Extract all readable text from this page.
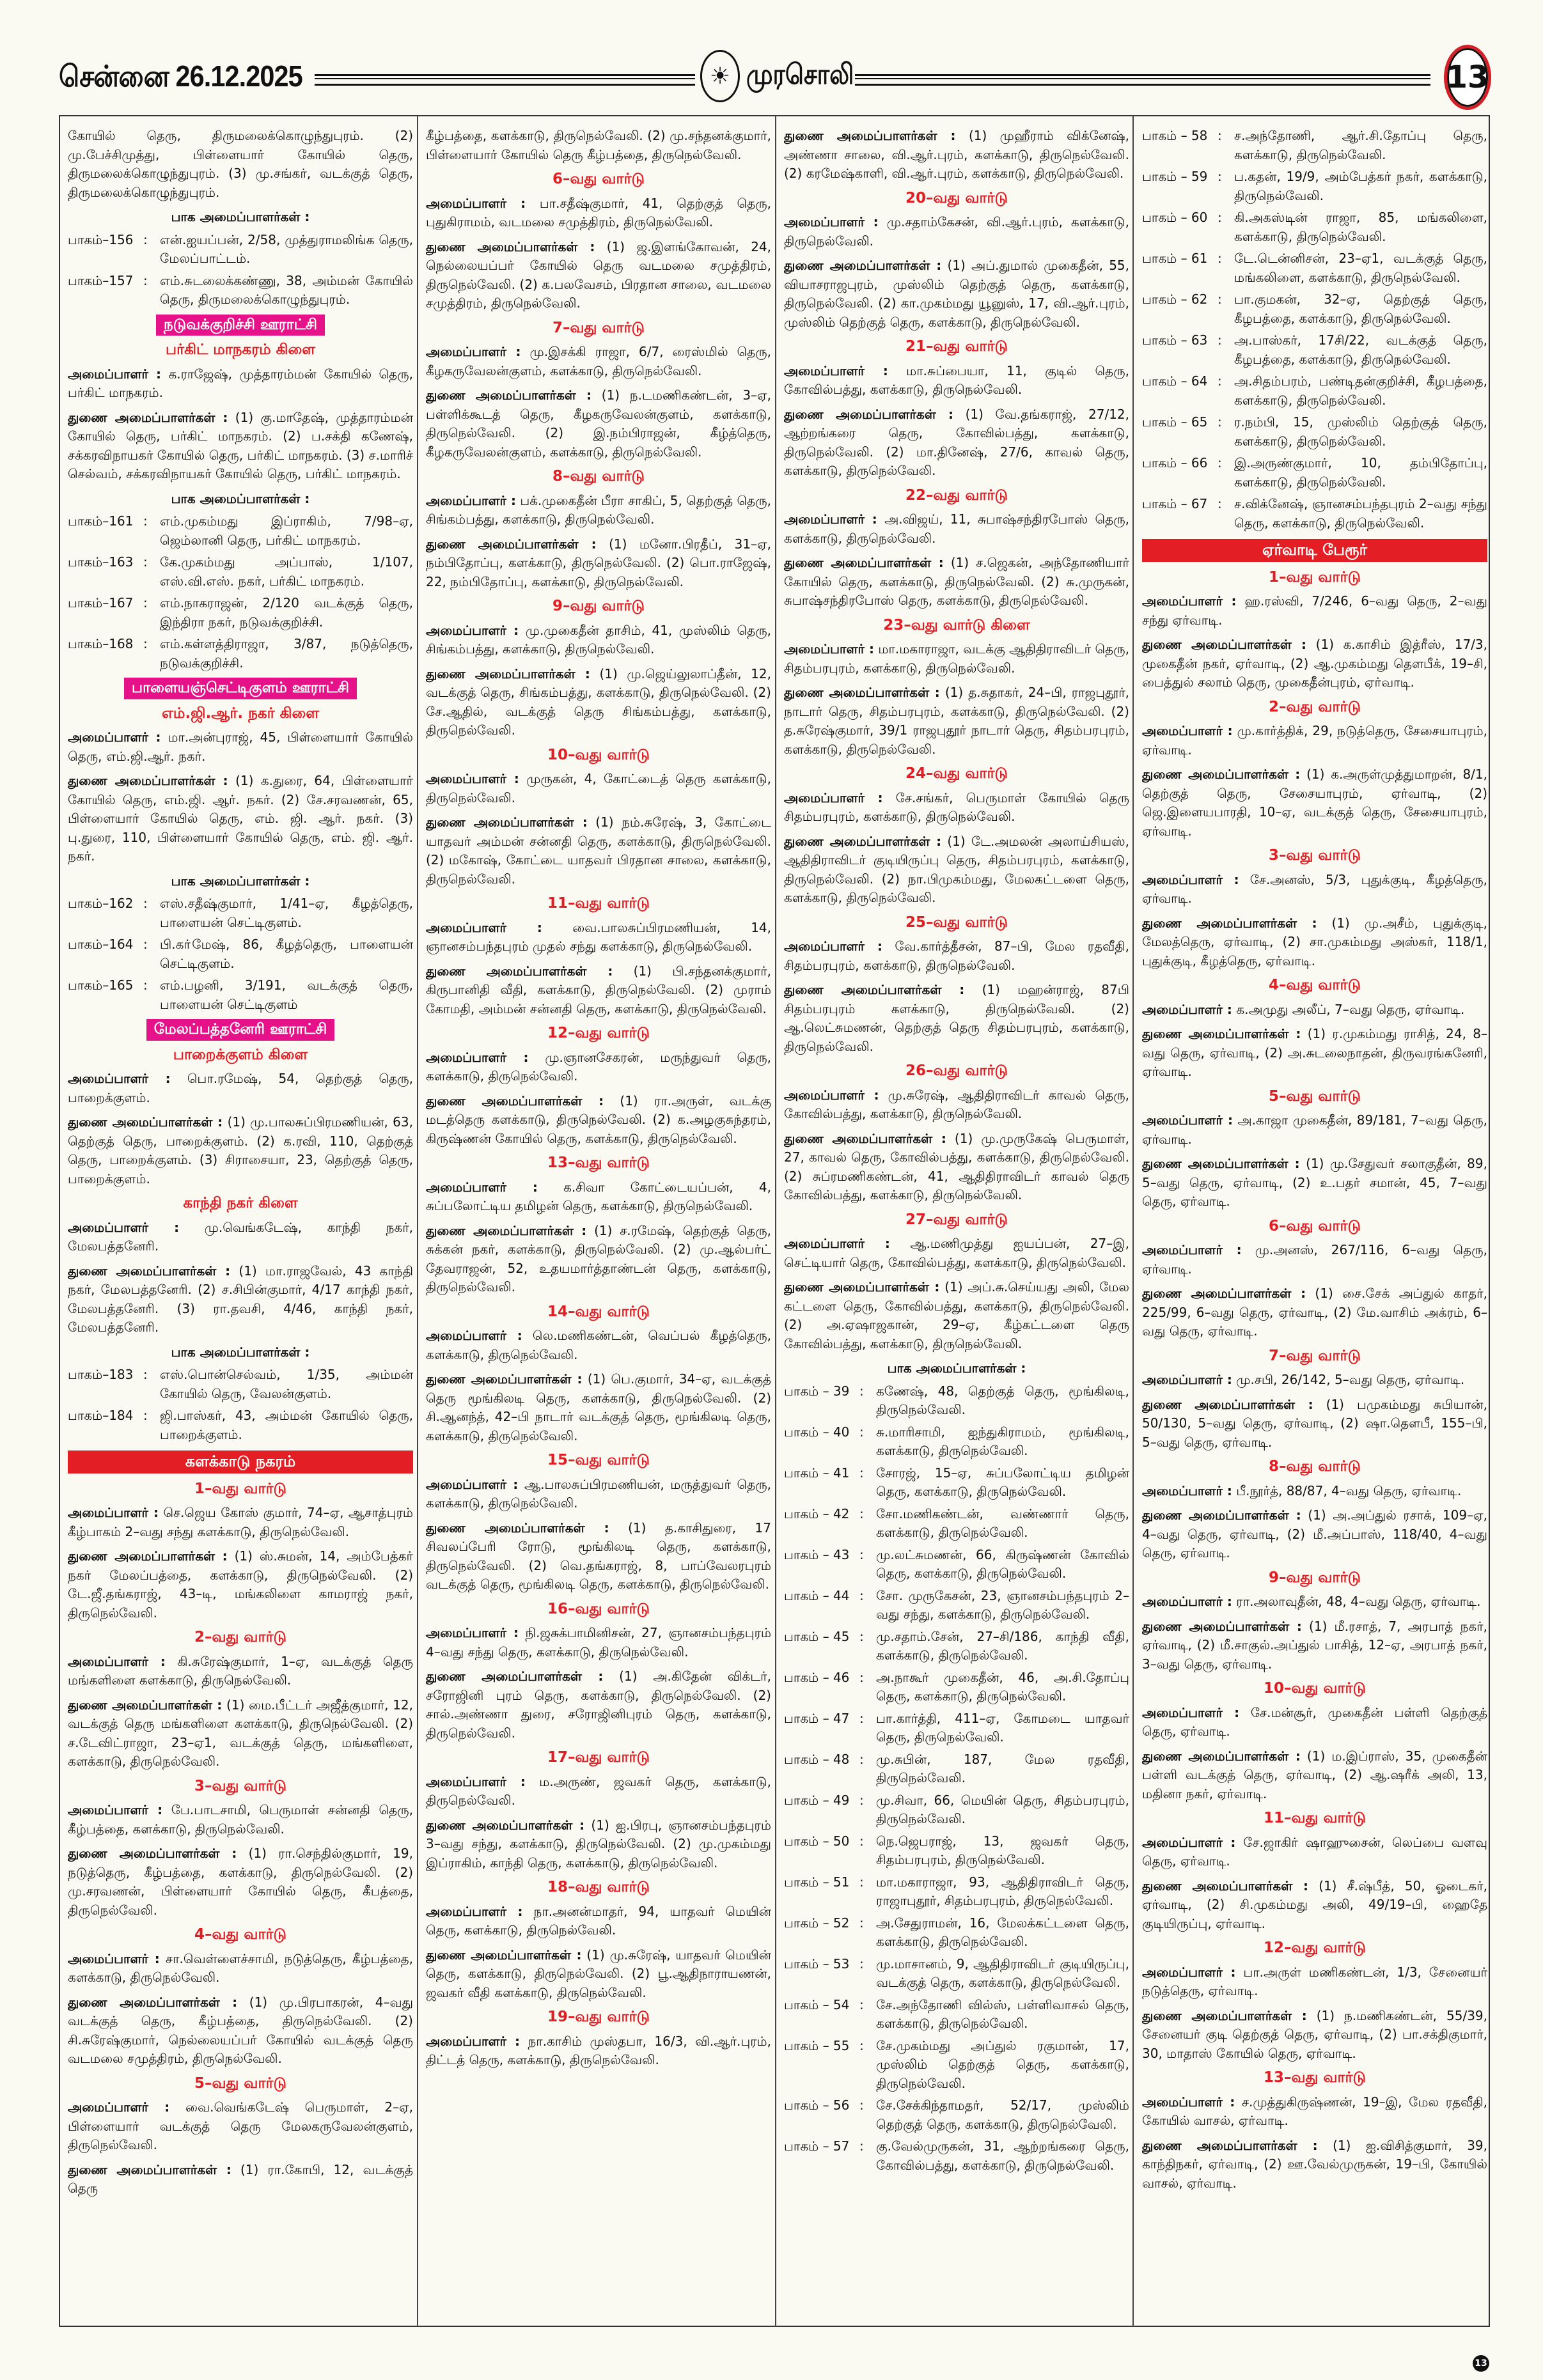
சென்னை 26.12.2025	☀ முரசொலி	13
கோயில் தெரு, திருமலைக்கொழுந்துபுரம். (2) மு.பேச்சிமுத்து, பிள்ளையார் கோயில் தெரு, திருமலைக்கொழுந்துபுரம். (3) மு.சங்கர், வடக்குத் தெரு, திருமலைக்கொழுந்துபுரம்.
பாக அமைப்பாளர்கள் :
பாகம்–156 : என்.ஐயப்பன், 2/58, முத்துராமலிங்க தெரு, மேலப்பாட்டம்.
பாகம்–157 : எம்.சுடலைக்கண்ணு, 38, அம்மன் கோயில் தெரு, திருமலைக்கொழுந்துபுரம்.
நடுவக்குறிச்சி ஊராட்சி
பர்கிட் மாநகரம் கிளை
அமைப்பாளர் : க.ராஜேஷ், முத்தாரம்மன் கோயில் தெரு, பர்கிட் மாநகரம்.
துணை அமைப்பாளர்கள் : (1) கு.மாதேஷ், முத்தாரம்மன் கோயில் தெரு, பர்கிட் மாநகரம். (2) ப.சக்தி கணேஷ், சக்கரவிநாயகர் கோயில் தெரு, பர்கிட் மாநகரம். (3) ச.மாரிச் செல்வம், சக்கரவிநாயகர் கோயில் தெரு, பர்கிட் மாநகரம்.
பாக அமைப்பாளர்கள் :
பாகம்–161 : எம்.முகம்மது இப்ராகிம், 7/98–ஏ, ஜெம்லானி தெரு, பர்கிட் மாநகரம்.
பாகம்–163 : கே.முகம்மது அப்பாஸ், 1/107, எஸ்.வி.எஸ். நகர், பர்கிட் மாநகரம்.
பாகம்–167 : எம்.நாகராஜன், 2/120 வடக்குத் தெரு, இந்திரா நகர், நடுவக்குறிச்சி.
பாகம்–168 : எம்.கள்ளத்திராஜா, 3/87, நடுத்தெரு, நடுவக்குறிச்சி.
பாளையஞ்செட்டிகுளம் ஊராட்சி
எம்.ஜி.ஆர். நகர் கிளை
அமைப்பாளர் : மா.அன்புராஜ், 45, பிள்ளையார் கோயில் தெரு, எம்.ஜி.ஆர். நகர்.
துணை அமைப்பாளர்கள் : (1) க.துரை, 64, பிள்ளையார் கோயில் தெரு, எம்.ஜி. ஆர். நகர். (2) சே.சரவணன், 65, பிள்ளையார் கோயில் தெரு, எம். ஜி. ஆர். நகர். (3) பு.துரை, 110, பிள்ளையார் கோயில் தெரு, எம். ஜி. ஆர். நகர்.
பாக அமைப்பாளர்கள் :
பாகம்–162 : எஸ்.சதீஷ்குமார், 1/41–ஏ, கீழத்தெரு, பாளையன் செட்டிகுளம்.
பாகம்–164 : பி.கா்மேஷ், 86, கீழத்தெரு, பாளையன் செட்டிகுளம்.
பாகம்–165 : எம்.பழனி, 3/191, வடக்குத் தெரு, பாளையன் செட்டிகுளம்
மேலப்பத்தனேரி ஊராட்சி
பாறைக்குளம் கிளை
அமைப்பாளர் : பொ.ரமேஷ், 54, தெற்குத் தெரு, பாறைக்குளம்.
துணை அமைப்பாளர்கள் : (1) மு.பாலசுப்பிரமணியன், 63, தெற்குத் தெரு, பாறைக்குளம். (2) க.ரவி, 110, தெற்குத் தெரு, பாறைக்குளம். (3) சிராசையா, 23, தெற்குத் தெரு, பாறைக்குளம்.
காந்தி நகர் கிளை
அமைப்பாளர் : மு.வெங்கடேஷ், காந்தி நகர், மேலபத்தனேரி.
துணை அமைப்பாளர்கள் : (1) மா.ராஜவேல், 43 காந்தி நகர், மேலபத்தனேரி. (2) ச.சிபின்குமார், 4/17 காந்தி நகர், மேலபத்தனேரி. (3) ரா.தவசி, 4/46, காந்தி நகர், மேலபத்தனேரி.
பாக அமைப்பாளர்கள் :
பாகம்–183 : எஸ்.பொன்செல்வம், 1/35, அம்மன் கோயில் தெரு, வேலன்குளம்.
பாகம்–184 : ஜி.பாஸ்கர், 43, அம்மன் கோயில் தெரு, பாறைக்குளம்.
களக்காடு நகரம்
1–வது வார்டு
அமைப்பாளர் : செ.ஜெய கோஸ் குமார், 74–ஏ, ஆசாத்புரம் கீழ்பாகம் 2–வது சந்து களக்காடு, திருநெல்வேலி.
துணை அமைப்பாளர்கள் : (1) ஸ்.சுமன், 14, அம்பேத்கர் நகர் மேலப்பத்தை, களக்காடு, திருநெல்வேலி. (2) டே.ஜீ.தங்கராஜ், 43–டி, மங்கலிளை காமராஜ் நகர், திருநெல்வேலி.
2–வது வார்டு
அமைப்பாளர் : கி.சுரேஷ்குமார், 1–ஏ, வடக்குத் தெரு மங்களிளை களக்காடு, திருநெல்வேலி.
துணை அமைப்பாளர்கள் : (1) மை.பீட்டர் அஜீத்குமார், 12, வடக்குத் தெரு மங்களிளை களக்காடு, திருநெல்வேலி. (2) ச.டேவிட்ராஜா, 23–ஏ1, வடக்குத் தெரு, மங்களிளை, களக்காடு, திருநெல்வேலி.
3–வது வார்டு
அமைப்பாளர் : பே.பாடசாமி, பெருமாள் சன்னதி தெரு, கீழ்பத்தை, களக்காடு, திருநெல்வேலி.
துணை அமைப்பாளர்கள் : (1) ரா.செந்தில்குமார், 19, நடுத்தெரு, கீழ்பத்தை, களக்காடு, திருநெல்வேலி. (2) மு.சரவணன், பிள்ளையார் கோயில் தெரு, கீபத்தை, திருநெல்வேலி.
4–வது வார்டு
அமைப்பாளர் : சா.வெள்ளைச்சாமி, நடுத்தெரு, கீழ்பத்தை, களக்காடு, திருநெல்வேலி.
துணை அமைப்பாளர்கள் : (1) மு.பிரபாகரன், 4–வது வடக்குத் தெரு, கீழ்பத்தை, திருநெல்வேலி. (2) சி.சுரேஷ்குமார், நெல்லையப்பர் கோயில் வடக்குத் தெரு வடமலை சமுத்திரம், திருநெல்வேலி.
5–வது வார்டு
அமைப்பாளர் : வை.வெங்கடேஷ் பெருமாள், 2–ஏ, பிள்ளையார் வடக்குத் தெரு மேலகருவேலன்குளம், திருநெல்வேலி.
துணை அமைப்பாளர்கள் : (1) ரா.கோபி, 12, வடக்குத் தெரு
கீழ்பத்தை, களக்காடு, திருநெல்வேலி. (2) மு.சந்தனக்குமார், பிள்ளையார் கோயில் தெரு கீழ்பத்தை, திருநெல்வேலி.
6–வது வார்டு
அமைப்பாளர் : பா.சதீஷ்குமார், 41, தெற்குத் தெரு, புதுகிராமம், வடமலை சமுத்திரம், திருநெல்வேலி.
துணை அமைப்பாளர்கள் : (1) ஜ.இளங்கோவன், 24, நெல்லையப்பர் கோயில் தெரு வடமலை சமுத்திரம், திருநெல்வேலி. (2) க.பலவேசம், பிரதான சாலை, வடமலை சமுத்திரம், திருநெல்வேலி.
7–வது வார்டு
அமைப்பாளர் : மு.இசக்கி ராஜா, 6/7, ரைஸ்மில் தெரு, கீழகருவேலன்குளம், களக்காடு, திருநெல்வேலி.
துணை அமைப்பாளர்கள் : (1) ந.டமணிகண்டன், 3–ஏ, பள்ளிக்கூடத் தெரு, கீழகருவேலன்குளம், களக்காடு, திருநெல்வேலி. (2) இ.நம்பிராஜன், கீழ்த்தெரு, கீழகருவேலன்குளம், களக்காடு, திருநெல்வேலி.
8–வது வார்டு
அமைப்பாளர் : பக்.முகைதீன் பீரா சாகிப், 5, தெற்குத் தெரு, சிங்கம்பத்து, களக்காடு, திருநெல்வேலி.
துணை அமைப்பாளர்கள் : (1) மனோ.பிரதீப், 31–ஏ, நம்பிதோப்பு, களக்காடு, திருநெல்வேலி. (2) பொ.ராஜேஷ், 22, நம்பிதோப்பு, களக்காடு, திருநெல்வேலி.
9–வது வார்டு
அமைப்பாளர் : மு.முகைதீன் தாசிம், 41, முஸ்லிம் தெரு, சிங்கம்பத்து, களக்காடு, திருநெல்வேலி.
துணை அமைப்பாளர்கள் : (1) மு.ஜெய்லுலாப்தீன், 12, வடக்குத் தெரு, சிங்கம்பத்து, களக்காடு, திருநெல்வேலி. (2) சே.ஆதில், வடக்குத் தெரு சிங்கம்பத்து, களக்காடு, திருநெல்வேலி.
10–வது வார்டு
அமைப்பாளர் : முருகன், 4, கோட்டைத் தெரு களக்காடு, திருநெல்வேலி.
துணை அமைப்பாளர்கள் : (1) நம்.சுரேஷ், 3, கோட்டை யாதவர் அம்மன் சன்னதி தெரு, களக்காடு, திருநெல்வேலி. (2) மகாேஷ், கோட்டை யாதவர் பிரதான சாலை, களக்காடு, திருநெல்வேலி.
11–வது வார்டு
அமைப்பாளர் : வை.பாலசுப்பிரமணியன், 14, ஞானசம்பந்தபுரம் முதல் சந்து களக்காடு, திருநெல்வேலி.
துணை அமைப்பாளர்கள் : (1) பி.சந்தனக்குமார், கிருபானிதி வீதி, களக்காடு, திருநெல்வேலி. (2) முராம் கோமதி, அம்மன் சன்னதி தெரு, களக்காடு, திருநெல்வேலி.
12–வது வார்டு
அமைப்பாளர் : மு.ஞானசேகரன், மருந்துவர் தெரு, களக்காடு, திருநெல்வேலி.
துணை அமைப்பாளர்கள் : (1) ரா.அருள், வடக்கு மடத்தெரு களக்காடு, திருநெல்வேலி. (2) க.அழகுசுந்தரம், கிருஷ்ணன் கோயில் தெரு, களக்காடு, திருநெல்வேலி.
13–வது வார்டு
அமைப்பாளர் : க.சிவா கோட்டையப்பன், 4, சுப்பலோட்டிய தமிழன் தெரு, களக்காடு, திருநெல்வேலி.
துணை அமைப்பாளர்கள் : (1) ச.ரமேஷ், தெற்குத் தெரு, சுக்கன் நகர், களக்காடு, திருநெல்வேலி. (2) மு.ஆல்பர்ட் தேவராஜன், 52, உதயமார்த்தாண்டன் தெரு, களக்காடு, திருநெல்வேலி.
14–வது வார்டு
அமைப்பாளர் : லெ.மணிகண்டன், வெப்பல் கீழத்தெரு, களக்காடு, திருநெல்வேலி.
துணை அமைப்பாளர்கள் : (1) பெ.குமார், 34–ஏ, வடக்குத் தெரு மூங்கிலடி தெரு, களக்காடு, திருநெல்வேலி. (2) சி.ஆனந்த், 42–பி நாடார் வடக்குத் தெரு, மூங்கிலடி தெரு, களக்காடு, திருநெல்வேலி.
15–வது வார்டு
அமைப்பாளர் : ஆ.பாலசுப்பிரமணியன், மருத்துவர் தெரு, களக்காடு, திருநெல்வேலி.
துணை அமைப்பாளர்கள் : (1) த.காசிதுரை, 17 சிவலப்பேரி ரோடு, மூங்கிலடி தெரு, களக்காடு, திருநெல்வேலி. (2) வெ.தங்கராஜ், 8, பாப்வேலரபுரம் வடக்குத் தெரு, மூங்கிலடி தெரு, களக்காடு, திருநெல்வேலி.
16–வது வார்டு
அமைப்பாளர் : நி.ஜசுக்பாமினிசன், 27, ஞானசம்பந்தபுரம் 4–வது சந்து தெரு, களக்காடு, திருநெல்வேலி.
துணை அமைப்பாளர்கள் : (1) அ.கிதேன் விக்டர், சரோஜினி புரம் தெரு, களக்காடு, திருநெல்வேலி. (2) சால்.அண்ணா துரை, சரோஜினிபுரம் தெரு, களக்காடு, திருநெல்வேலி.
17–வது வார்டு
அமைப்பாளர் : ம.அருண், ஜவகர் தெரு, களக்காடு, திருநெல்வேலி.
துணை அமைப்பாளர்கள் : (1) ஐ.பிரபு, ஞானசம்பந்தபுரம் 3–வது சந்து, களக்காடு, திருநெல்வேலி. (2) மு.முகம்மது இப்ராகிம், காந்தி தெரு, களக்காடு, திருநெல்வேலி.
18–வது வார்டு
அமைப்பாளர் : நா.அனன்மாதர், 94, யாதவர் மெயின் தெரு, களக்காடு, திருநெல்வேலி.
துணை அமைப்பாளர்கள் : (1) மு.சுரேஷ், யாதவர் மெயின் தெரு, களக்காடு, திருநெல்வேலி. (2) பூ.ஆதிநாராயணன், ஜவகர் வீதி களக்காடு, திருநெல்வேலி.
19–வது வார்டு
அமைப்பாளர் : நா.காசிம் முஸ்தபா, 16/3, வி.ஆர்.புரம், திட்டத் தெரு, களக்காடு, திருநெல்வேலி.
துணை அமைப்பாளர்கள் : (1) முஹீராம் விக்னேஷ், அண்ணா சாலை, வி.ஆர்.புரம், களக்காடு, திருநெல்வேலி. (2) கரமேஷ்காளி, வி.ஆர்.புரம், களக்காடு, திருநெல்வேலி.
20–வது வார்டு
அமைப்பாளர் : மு.சதாம்கேசன், வி.ஆர்.புரம், களக்காடு, திருநெல்வேலி.
துணை அமைப்பாளர்கள் : (1) அப்.துமால் முகைதீன், 55, வியாசராஜபுரம், முஸ்லிம் தெற்குத் தெரு, களக்காடு, திருநெல்வேலி. (2) கா.முகம்மது யூனுஸ், 17, வி.ஆர்.புரம், முஸ்லிம் தெற்குத் தெரு, களக்காடு, திருநெல்வேலி.
21–வது வார்டு
அமைப்பாளர் : மா.சுப்பையா, 11, குடில் தெரு, கோவில்பத்து, களக்காடு, திருநெல்வேலி.
துணை அமைப்பாளர்கள் : (1) வே.தங்கராஜ், 27/12, ஆற்றங்கரை தெரு, கோவில்பத்து, களக்காடு, திருநெல்வேலி. (2) மா.தினேஷ், 27/6, காவல் தெரு, களக்காடு, திருநெல்வேலி.
22–வது வார்டு
அமைப்பாளர் : அ.விஜய், 11, சுபாஷ்சந்திரபோஸ் தெரு, களக்காடு, திருநெல்வேலி.
துணை அமைப்பாளர்கள் : (1) ச.ஜெகன், அந்தோணியார் கோயில் தெரு, களக்காடு, திருநெல்வேலி. (2) சு.முருகன், சுபாஷ்சந்திரபோஸ் தெரு, களக்காடு, திருநெல்வேலி.
23–வது வார்டு கிளை
அமைப்பாளர் : மா.மகாராஜா, வடக்கு ஆதிதிராவிடர் தெரு, சிதம்பரபுரம், களக்காடு, திருநெல்வேலி.
துணை அமைப்பாளர்கள் : (1) த.சுதாகர், 24–பி, ராஜபுதூர், நாடார் தெரு, சிதம்பரபுரம், களக்காடு, திருநெல்வேலி. (2) த.சுரேஷ்குமார், 39/1 ராஜபுதூர் நாடார் தெரு, சிதம்பரபுரம், களக்காடு, திருநெல்வேலி.
24–வது வார்டு
அமைப்பாளர் : சே.சங்கர், பெருமாள் கோயில் தெரு சிதம்பரபுரம், களக்காடு, திருநெல்வேலி.
துணை அமைப்பாளர்கள் : (1) டே.அமலன் அலாய்சியஸ், ஆதிதிராவிடர் குடியிருப்பு தெரு, சிதம்பரபுரம், களக்காடு, திருநெல்வேலி. (2) நா.பிமுகம்மது, மேலகட்டளை தெரு, களக்காடு, திருநெல்வேலி.
25–வது வார்டு
அமைப்பாளர் : வே.கார்த்தீசன், 87–பி, மேல ரதவீதி, சிதம்பரபுரம், களக்காடு, திருநெல்வேலி.
துணை அமைப்பாளர்கள் : (1) மஹன்ராஜ், 87பி சிதம்பரபுரம் களக்காடு, திருநெல்வேலி. (2) ஆ.லெட்சுமணன், தெற்குத் தெரு சிதம்பரபுரம், களக்காடு, திருநெல்வேலி.
26–வது வார்டு
அமைப்பாளர் : மு.சுரேஷ், ஆதிதிராவிடர் காவல் தெரு, கோவில்பத்து, களக்காடு, திருநெல்வேலி.
துணை அமைப்பாளர்கள் : (1) மு.முருகேஷ் பெருமாள், 27, காவல் தெரு, கோவில்பத்து, களக்காடு, திருநெல்வேலி. (2) சுப்ரமணிகண்டன், 41, ஆதிதிராவிடர் காவல் தெரு கோவில்பத்து, களக்காடு, திருநெல்வேலி.
27–வது வார்டு
அமைப்பாளர் : ஆ.மணிமுத்து ஐயப்பன், 27–இ, செட்டியார் தெரு, கோவில்பத்து, களக்காடு, திருநெல்வேலி.
துணை அமைப்பாளர்கள் : (1) அப்.சு.செய்யது அலி, மேல கட்டளை தெரு, கோவில்பத்து, களக்காடு, திருநெல்வேலி. (2) அ.ஏஷாஜகான், 29–ஏ, கீழ்கட்டளை தெரு கோவில்பத்து, களக்காடு, திருநெல்வேலி.
பாக அமைப்பாளர்கள் :
பாகம் – 39 : கணேஷ், 48, தெற்குத் தெரு, மூங்கிலடி, திருநெல்வேலி.
பாகம் – 40 : சு.மாரிசாமி, ஐந்துகிராமம், மூங்கிலடி, களக்காடு, திருநெல்வேலி.
பாகம் – 41 : சோரஜ், 15–ஏ, சுப்பலோட்டிய தமிழன் தெரு, களக்காடு, திருநெல்வேலி.
பாகம் – 42 : சோ.மணிகண்டன், வண்ணார் தெரு, களக்காடு, திருநெல்வேலி.
பாகம் – 43 : மு.லட்சுமணன், 66, கிருஷ்ணன் கோவில் தெரு, களக்காடு, திருநெல்வேலி.
பாகம் – 44 : சோ. முருகேசன், 23, ஞானசம்பந்தபுரம் 2–வது சந்து, களக்காடு, திருநெல்வேலி.
பாகம் – 45 : மு.சதாம்.சேன், 27–சி/186, காந்தி வீதி, களக்காடு, திருநெல்வேலி.
பாகம் – 46 : அ.நாகூர் முகைதீன், 46, அ.சி.தோப்பு தெரு, களக்காடு, திருநெல்வேலி.
பாகம் – 47 : பா.கார்த்தி, 411–ஏ, கோமடை யாதவர் தெரு, திருநெல்வேலி.
பாகம் – 48 : மு.சுபின், 187, மேல ரதவீதி, திருநெல்வேலி.
பாகம் – 49 : மு.சிவா, 66, மெயின் தெரு, சிதம்பரபுரம், திருநெல்வேலி.
பாகம் – 50 : நெ.ஜெபராஜ், 13, ஜவகர் தெரு, சிதம்பரபுரம், திருநெல்வேலி.
பாகம் – 51 : மா.மகாராஜா, 93, ஆதிதிராவிடர் தெரு, ராஜாபுதூர், சிதம்பரபுரம், திருநெல்வேலி.
பாகம் – 52 : அ.சேதுராமன், 16, மேலக்கட்டளை தெரு, களக்காடு, திருநெல்வேலி.
பாகம் – 53 : மு.மாசானம், 9, ஆதிதிராவிடர் குடியிருப்பு, வடக்குத் தெரு, களக்காடு, திருநெல்வேலி.
பாகம் – 54 : சே.அந்தோணி வில்ஸ், பள்ளிவாசல் தெரு, களக்காடு, திருநெல்வேலி.
பாகம் – 55 : சே.முகம்மது அப்துல் ரகுமான், 17, முஸ்லிம் தெற்குத் தெரு, களக்காடு, திருநெல்வேலி.
பாகம் – 56 : சே.சேக்கிந்தாமதர், 52/17, முஸ்லிம் தெற்குத் தெரு, களக்காடு, திருநெல்வேலி.
பாகம் – 57 : கு.வேல்முருகன், 31, ஆற்றங்கரை தெரு, கோவில்பத்து, களக்காடு, திருநெல்வேலி.
பாகம் – 58 : ச.அந்தோணி, ஆர்.சி.தோப்பு தெரு, களக்காடு, திருநெல்வேலி.
பாகம் – 59 : ப.கதன், 19/9, அம்பேத்கர் நகர், களக்காடு, திருநெல்வேலி.
பாகம் – 60 : கி.அகஸ்டின் ராஜா, 85, மங்கலிளை, களக்காடு, திருநெல்வேலி.
பாகம் – 61 : டே.டென்னிசன், 23–ஏ1, வடக்குத் தெரு, மங்கலிளை, களக்காடு, திருநெல்வேலி.
பாகம் – 62 : பா.குமகன், 32–ஏ, தெற்குத் தெரு, கீழபத்தை, களக்காடு, திருநெல்வேலி.
பாகம் – 63 : அ.பாஸ்கர், 17சி/22, வடக்குத் தெரு, கீழபத்தை, களக்காடு, திருநெல்வேலி.
பாகம் – 64 : அ.சிதம்பரம், பண்டிதன்குறிச்சி, கீழபத்தை, களக்காடு, திருநெல்வேலி.
பாகம் – 65 : ர.நம்பி, 15, முஸ்லிம் தெற்குத் தெரு, களக்காடு, திருநெல்வேலி.
பாகம் – 66 : இ.அருண்குமார், 10, தம்பிதோப்பு, களக்காடு, திருநெல்வேலி.
பாகம் – 67 : ச.விக்னேஷ், ஞானசம்பந்தபுரம் 2–வது சந்து தெரு, களக்காடு, திருநெல்வேலி.
ஏர்வாடி பேரூர்
1–வது வார்டு
அமைப்பாளர் : ஹ.ரஸ்வி, 7/246, 6–வது தெரு, 2–வது சந்து ஏர்வாடி.
துணை அமைப்பாளர்கள் : (1) க.காசிம் இத்ரீஸ், 17/3, முகைதீன் நகர், ஏர்வாடி, (2) ஆ.முகம்மது தௌபீக், 19–சி, பைத்துல் சலாம் தெரு, முகைதீன்புரம், ஏர்வாடி.
2–வது வார்டு
அமைப்பாளர் : மு.கார்த்திக், 29, நடுத்தெரு, சேசையாபுரம், ஏர்வாடி.
துணை அமைப்பாளர்கள் : (1) க.அருள்முத்துமாறன், 8/1, தெற்குத் தெரு, சேசையாபுரம், ஏர்வாடி, (2) ஜெ.இளையபாரதி, 10–ஏ, வடக்குத் தெரு, சேசையாபுரம், ஏர்வாடி.
3–வது வார்டு
அமைப்பாளர் : சே.அனஸ், 5/3, புதுக்குடி, கீழத்தெரு, ஏர்வாடி.
துணை அமைப்பாளர்கள் : (1) மு.அசீம், புதுக்குடி, மேலத்தெரு, ஏர்வாடி, (2) சா.முகம்மது அஸ்கர், 118/1, புதுக்குடி, கீழத்தெரு, ஏர்வாடி.
4–வது வார்டு
அமைப்பாளர் : க.அமுது அலீப், 7–வது தெரு, ஏர்வாடி.
துணை அமைப்பாளர்கள் : (1) ர.முகம்மது ராசித், 24, 8–வது தெரு, ஏர்வாடி, (2) அ.சுடலைநாதன், திருவரங்கனேரி, ஏர்வாடி.
5–வது வார்டு
அமைப்பாளர் : அ.காஜா முகைதீன், 89/181, 7–வது தெரு, ஏர்வாடி.
துணை அமைப்பாளர்கள் : (1) மு.சேதுவர் சலாகுதீன், 89, 5–வது தெரு, ஏர்வாடி, (2) உ.பதர் சமான், 45, 7–வது தெரு, ஏர்வாடி.
6–வது வார்டு
அமைப்பாளர் : மு.அனஸ், 267/116, 6–வது தெரு, ஏர்வாடி.
துணை அமைப்பாளர்கள் : (1) சை.சேக் அப்துல் காதர், 225/99, 6–வது தெரு, ஏர்வாடி, (2) மே.வாசிம் அக்ரம், 6–வது தெரு, ஏர்வாடி.
7–வது வார்டு
அமைப்பாளர் : மு.சபி, 26/142, 5–வது தெரு, ஏர்வாடி.
துணை அமைப்பாளர்கள் : (1) பமுகம்மது சுபியான், 50/130, 5–வது தெரு, ஏர்வாடி, (2) ஷா.தௌபீ, 155–பி, 5–வது தெரு, ஏர்வாடி.
8–வது வார்டு
அமைப்பாளர் : பீ.நூர்த், 88/87, 4–வது தெரு, ஏர்வாடி.
துணை அமைப்பாளர்கள் : (1) அ.அப்துல் ரசாக், 109–ஏ, 4–வது தெரு, ஏர்வாடி, (2) மீ.அப்பாஸ், 118/40, 4–வது தெரு, ஏர்வாடி.
9–வது வார்டு
அமைப்பாளர் : ரா.அலாவுதீன், 48, 4–வது தெரு, ஏர்வாடி.
துணை அமைப்பாளர்கள் : (1) மீ.ரசாத், 7, அரபாத் நகர், ஏர்வாடி, (2) மீ.சாகுல்.அப்துல் பாசித், 12–ஏ, அரபாத் நகர், 3–வது தெரு, ஏர்வாடி.
10–வது வார்டு
அமைப்பாளர் : சே.மன்சூர், முகைதீன் பள்ளி தெற்குத் தெரு, ஏர்வாடி.
துணை அமைப்பாளர்கள் : (1) ம.இப்ராஸ், 35, முகைதீன் பள்ளி வடக்குத் தெரு, ஏர்வாடி, (2) ஆ.ஷரீக் அலி, 13, மதினா நகர், ஏர்வாடி.
11–வது வார்டு
அமைப்பாளர் : சே.ஜாகிர் ஷாஹுசைன், லெப்பை வளவு தெரு, ஏர்வாடி.
துணை அமைப்பாளர்கள் : (1) சீ.ஷ்பீத், 50, ஓடைகர், ஏர்வாடி, (2) சி.முகம்மது அலி, 49/19–பி, ஹைதே குடியிருப்பு, ஏர்வாடி.
12–வது வார்டு
அமைப்பாளர் : பா.அருள் மணிகண்டன், 1/3, சேனையர் நடுத்தெரு, ஏர்வாடி.
துணை அமைப்பாளர்கள் : (1) ந.மணிகண்டன், 55/39, சேனையர் குடி தெற்குத் தெரு, ஏர்வாடி, (2) பா.சக்திகுமார், 30, மாதாஸ் கோயில் தெரு, ஏர்வாடி.
13–வது வார்டு
அமைப்பாளர் : ச.முத்துகிருஷ்ணன், 19–இ, மேல ரதவீதி, கோயில் வாசல், ஏர்வாடி.
துணை அமைப்பாளர்கள் : (1) ஐ.விசித்குமார், 39, காந்திநகர், ஏர்வாடி, (2) ஊ.வேல்முருகன், 19–பி, கோயில் வாசல், ஏர்வாடி.
13
